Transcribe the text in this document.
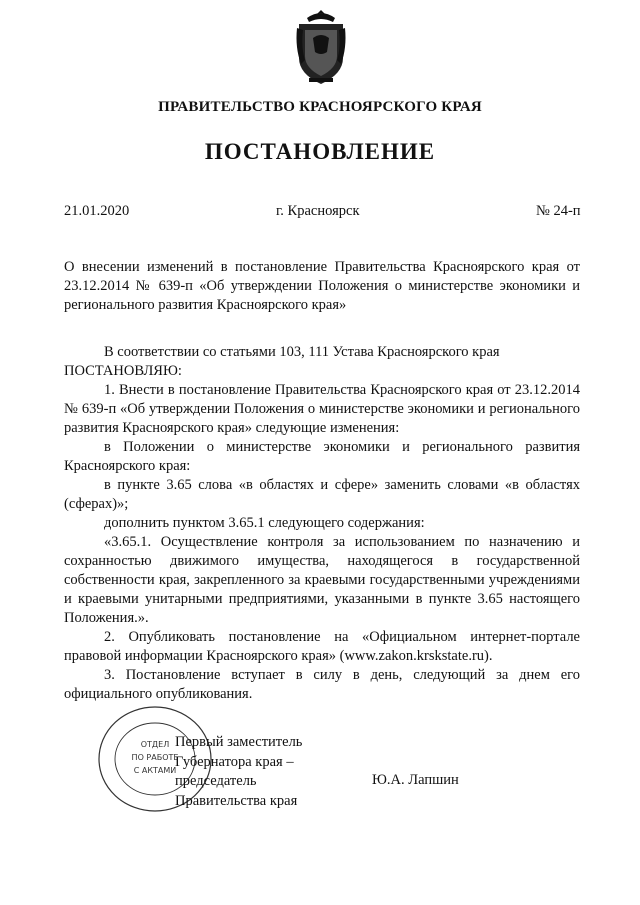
ПРАВИТЕЛЬСТВО КРАСНОЯРСКОГО КРАЯ
ПОСТАНОВЛЕНИЕ
21.01.2020	г. Красноярск	№ 24-п
О внесении изменений в постановление Правительства Красноярского края от 23.12.2014 № 639-п «Об утверждении Положения о министерстве экономики и регионального развития Красноярского края»

В соответствии со статьями 103, 111 Устава Красноярского края

ПОСТАНОВЛЯЮ:

1. Внести в постановление Правительства Красноярского края от 23.12.2014 № 639-п «Об утверждении Положения о министерстве экономики и регионального развития Красноярского края» следующие изменения:

в Положении о министерстве экономики и регионального развития Красноярского края:

в пункте 3.65 слова «в областях и сфере» заменить словами «в областях (сферах)»;

дополнить пунктом 3.65.1 следующего содержания:

«3.65.1. Осуществление контроля за использованием по назначению и сохранностью движимого имущества, находящегося в государственной собственности края, закрепленного за краевыми государственными учреждениями и краевыми унитарными предприятиями, указанными в пункте 3.65 настоящего Положения.».

2. Опубликовать постановление на «Официальном интернет-портале правовой информации Красноярского края» (www.zakon.krskstate.ru).

3. Постановление вступает в силу в день, следующий за днем его официального опубликования.

ОТДЕЛ
ПО РАБОТЕ
С АКТАМИ
Первый заместитель
Губернатора края –
председатель
Правительства края
Ю.А. Лапшин
